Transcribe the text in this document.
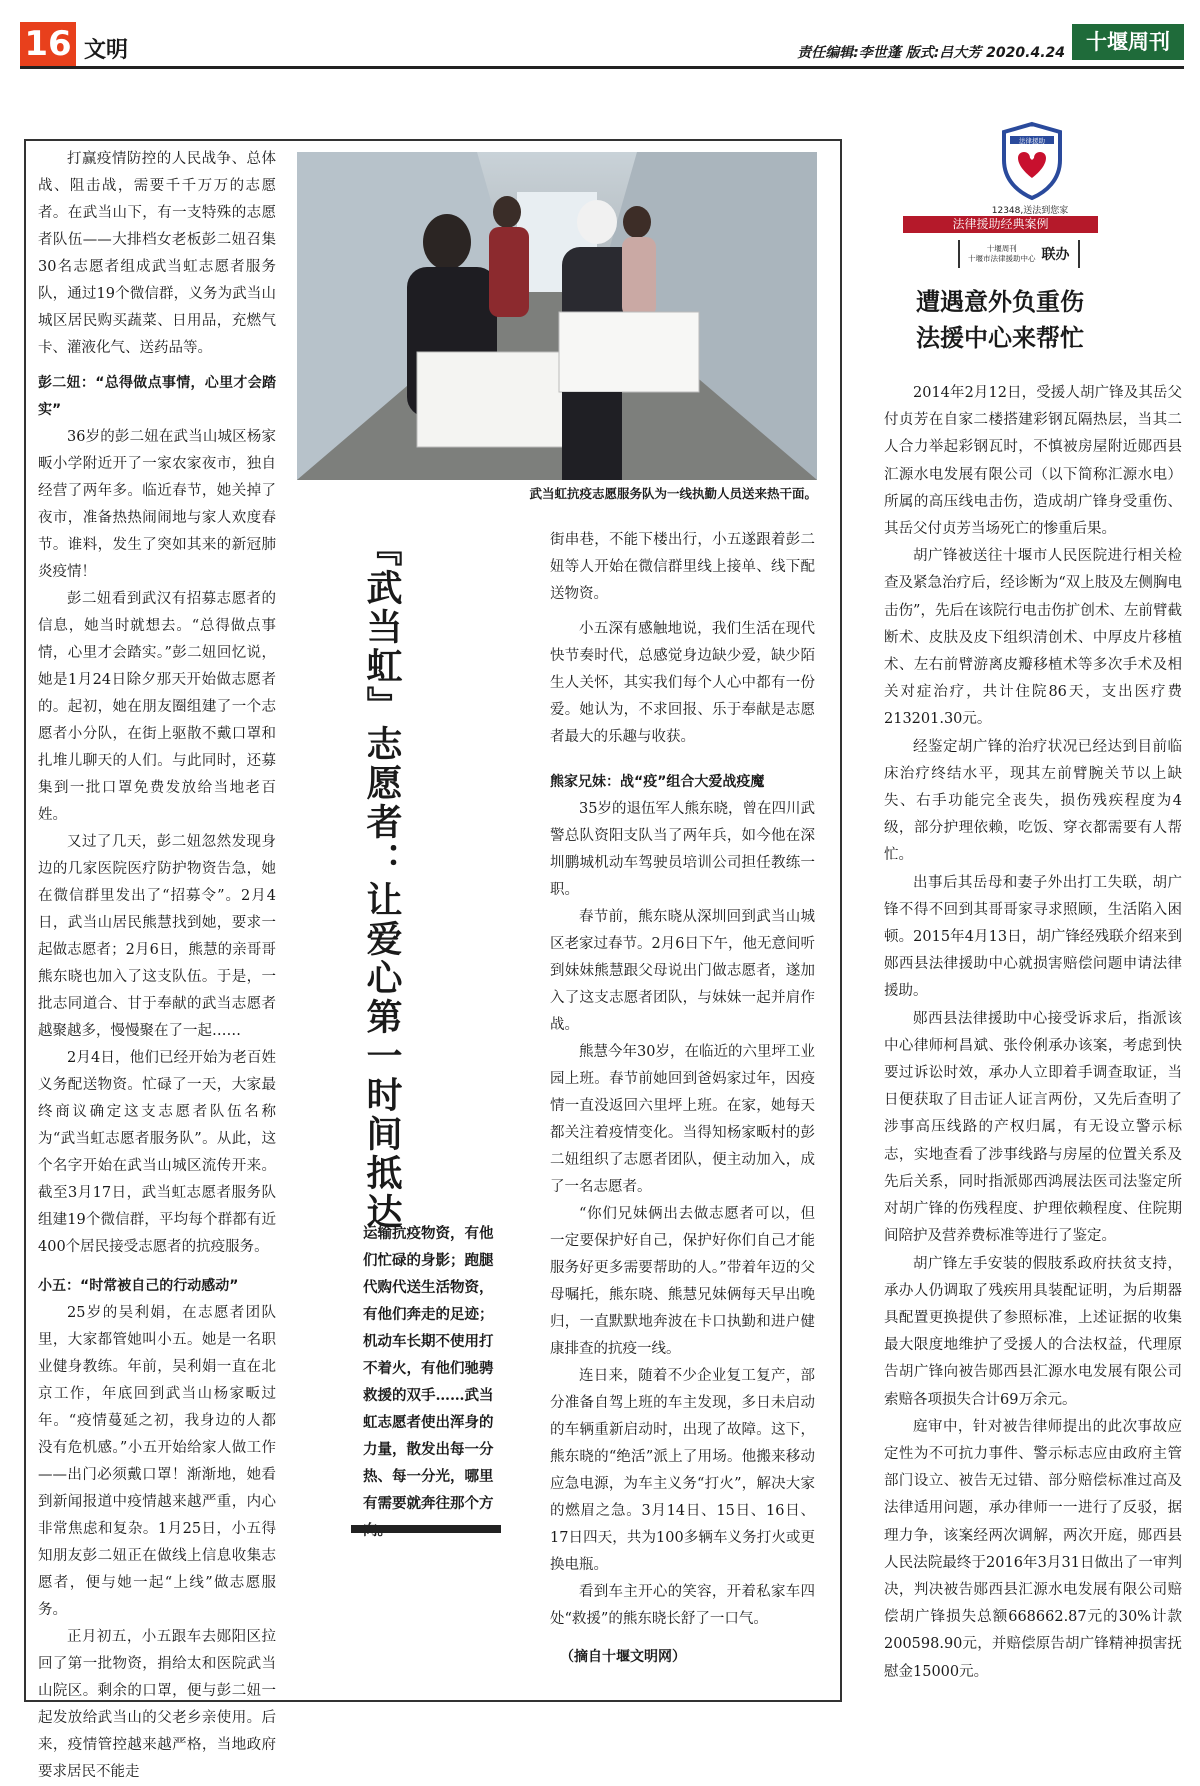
16 文明	责任编辑:李世蓬 版式:吕大芳 2020.4.24	十堰周刊

打赢疫情防控的人民战争、总体战、阻击战，需要千千万万的志愿者。在武当山下，有一支特殊的志愿者队伍——大排档女老板彭二妞召集30名志愿者组成武当虹志愿者服务队，通过19个微信群，义务为武当山城区居民购买蔬菜、日用品，充燃气卡、灌液化气、送药品等。

彭二妞：“总得做点事情，心里才会踏实”

36岁的彭二妞在武当山城区杨家畈小学附近开了一家农家夜市，独自经营了两年多。临近春节，她关掉了夜市，准备热热闹闹地与家人欢度春节。谁料，发生了突如其来的新冠肺炎疫情！

彭二妞看到武汉有招募志愿者的信息，她当时就想去。“总得做点事情，心里才会踏实。”彭二妞回忆说，她是1月24日除夕那天开始做志愿者的。起初，她在朋友圈组建了一个志愿者小分队，在街上驱散不戴口罩和扎堆儿聊天的人们。与此同时，还募集到一批口罩免费发放给当地老百姓。

又过了几天，彭二妞忽然发现身边的几家医院医疗防护物资告急，她在微信群里发出了“招募令”。2月4日，武当山居民熊慧找到她，要求一起做志愿者；2月6日，熊慧的亲哥哥熊东晓也加入了这支队伍。于是，一批志同道合、甘于奉献的武当志愿者越聚越多，慢慢聚在了一起……

2月4日，他们已经开始为老百姓义务配送物资。忙碌了一天，大家最终商议确定这支志愿者队伍名称为“武当虹志愿者服务队”。从此，这个名字开始在武当山城区流传开来。截至3月17日，武当虹志愿者服务队组建19个微信群，平均每个群都有近400个居民接受志愿者的抗疫服务。

小五：“时常被自己的行动感动”

25岁的吴利娟，在志愿者团队里，大家都管她叫小五。她是一名职业健身教练。年前，吴利娟一直在北京工作，年底回到武当山杨家畈过年。“疫情蔓延之初，我身边的人都没有危机感。”小五开始给家人做工作——出门必须戴口罩！渐渐地，她看到新闻报道中疫情越来越严重，内心非常焦虑和复杂。1月25日，小五得知朋友彭二妞正在做线上信息收集志愿者，便与她一起“上线”做志愿服务。

正月初五，小五跟车去郧阳区拉回了第一批物资，捐给太和医院武当山院区。剩余的口罩，便与彭二妞一起发放给武当山的父老乡亲使用。后来，疫情管控越来越严格，当地政府要求居民不能走

武当虹抗疫志愿服务队为一线执勤人员送来热干面。
『武当虹』志愿者：让爱心第一时间抵达
运输抗疫物资，有他们忙碌的身影；跑腿代购代送生活物资，有他们奔走的足迹；机动车长期不使用打不着火，有他们驰骋救援的双手……武当虹志愿者使出浑身的力量，散发出每一分热、每一分光，哪里有需要就奔往那个方

街串巷，不能下楼出行，小五遂跟着彭二妞等人开始在微信群里线上接单、线下配送物资。

小五深有感触地说，我们生活在现代快节奏时代，总感觉身边缺少爱，缺少陌生人关怀，其实我们每个人心中都有一份爱。她认为，不求回报、乐于奉献是志愿者最大的乐趣与收获。

熊家兄妹：战“疫”组合大爱战疫魔

35岁的退伍军人熊东晓，曾在四川武警总队资阳支队当了两年兵，如今他在深圳鹏城机动车驾驶员培训公司担任教练一职。

春节前，熊东晓从深圳回到武当山城区老家过春节。2月6日下午，他无意间听到妹妹熊慧跟父母说出门做志愿者，遂加入了这支志愿者团队，与妹妹一起并肩作战。

熊慧今年30岁，在临近的六里坪工业园上班。春节前她回到爸妈家过年，因疫情一直没返回六里坪上班。在家，她每天都关注着疫情变化。当得知杨家畈村的彭二妞组织了志愿者团队，便主动加入，成了一名志愿者。

“你们兄妹俩出去做志愿者可以，但一定要保护好自己，保护好你们自己才能服务好更多需要帮助的人。”带着年迈的父母嘱托，熊东晓、熊慧兄妹俩每天早出晚归，一直默默地奔波在卡口执勤和进户健康排查的抗疫一线。

连日来，随着不少企业复工复产，部分准备自驾上班的车主发现，多日未启动的车辆重新启动时，出现了故障。这下，熊东晓的“绝活”派上了用场。他搬来移动应急电源，为车主义务“打火”，解决大家的燃眉之急。3月14日、15日、16日、17日四天，共为100多辆车义务打火或更换电瓶。

看到车主开心的笑容，开着私家车四处“救援”的熊东晓长舒了一口气。

（摘自十堰文明网）
法律援助
12348,送法到您家
法律援助经典案例
十堰周刊
十堰市法律援助中心 联办
遭遇意外负重伤
法援中心来帮忙

2014年2月12日，受援人胡广锋及其岳父付贞芳在自家二楼搭建彩钢瓦隔热层，当其二人合力举起彩钢瓦时，不慎被房屋附近郧西县汇源水电发展有限公司（以下简称汇源水电）所属的高压线电击伤，造成胡广锋身受重伤、其岳父付贞芳当场死亡的惨重后果。

胡广锋被送往十堰市人民医院进行相关检查及紧急治疗后，经诊断为“双上肢及左侧胸电击伤”，先后在该院行电击伤扩创术、左前臂截断术、皮肤及皮下组织清创术、中厚皮片移植术、左右前臂游离皮瓣移植术等多次手术及相关对症治疗，共计住院86天，支出医疗费213201.30元。

经鉴定胡广锋的治疗状况已经达到目前临床治疗终结水平，现其左前臂腕关节以上缺失、右手功能完全丧失，损伤残疾程度为4级，部分护理依赖，吃饭、穿衣都需要有人帮忙。

出事后其岳母和妻子外出打工失联，胡广锋不得不回到其哥哥家寻求照顾，生活陷入困顿。2015年4月13日，胡广锋经残联介绍来到郧西县法律援助中心就损害赔偿问题申请法律援助。

郧西县法律援助中心接受诉求后，指派该中心律师柯昌斌、张伶俐承办该案，考虑到快要过诉讼时效，承办人立即着手调查取证，当日便获取了目击证人证言两份，又先后查明了涉事高压线路的产权归属，有无设立警示标志，实地查看了涉事线路与房屋的位置关系及先后关系，同时指派郧西鸿展法医司法鉴定所对胡广锋的伤残程度、护理依赖程度、住院期间陪护及营养费标准等进行了鉴定。

胡广锋左手安装的假肢系政府扶贫支持，承办人仍调取了残疾用具装配证明，为后期器具配置更换提供了参照标准，上述证据的收集最大限度地维护了受援人的合法权益，代理原告胡广锋向被告郧西县汇源水电发展有限公司索赔各项损失合计69万余元。

庭审中，针对被告律师提出的此次事故应定性为不可抗力事件、警示标志应由政府主管部门设立、被告无过错、部分赔偿标准过高及法律适用问题，承办律师一一进行了反驳，据理力争，该案经两次调解，两次开庭，郧西县人民法院最终于2016年3月31日做出了一审判决，判决被告郧西县汇源水电发展有限公司赔偿胡广锋损失总额668662.87元的30%计款200598.90元，并赔偿原告胡广锋精神损害抚慰金15000元。
